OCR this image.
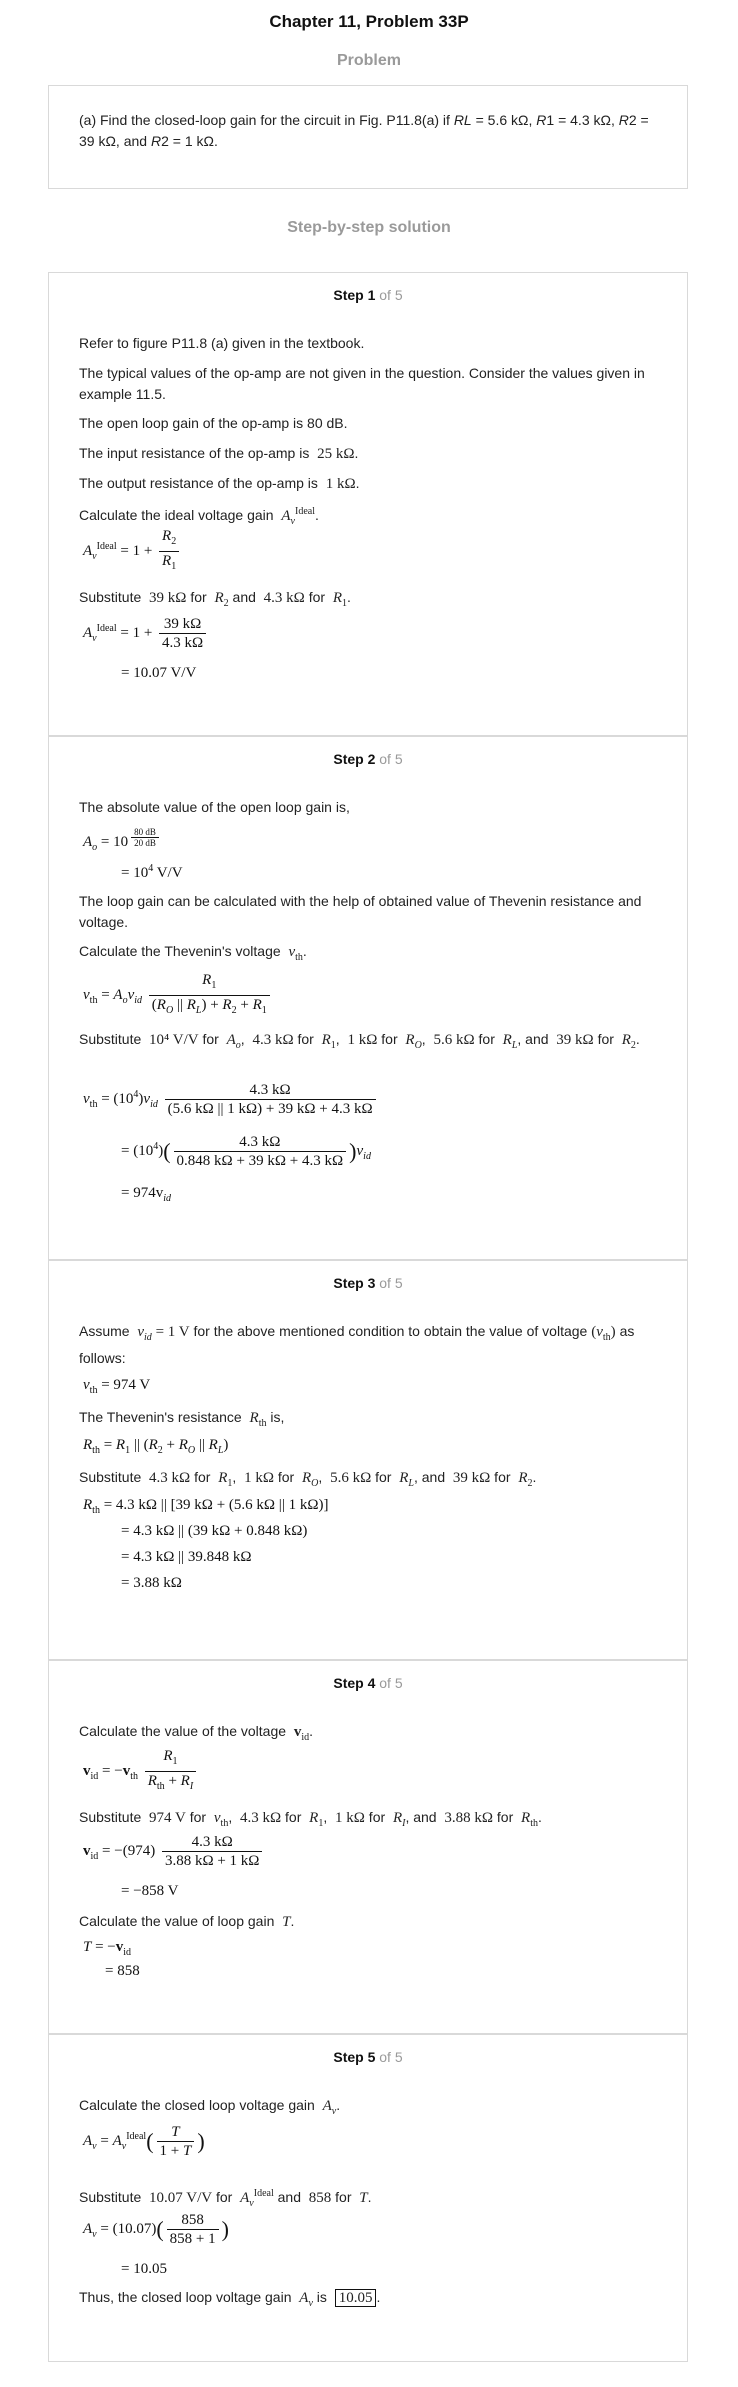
Chapter 11, Problem 33P
Problem
(a) Find the closed-loop gain for the circuit in Fig. P11.8(a) if RL = 5.6 kΩ, R1 = 4.3 kΩ, R2 = 39 kΩ, and R2 = 1 kΩ.
Step-by-step solution
Step 1 of 5
Refer to figure P11.8 (a) given in the textbook.
The typical values of the op-amp are not given in the question. Consider the values given in example 11.5.
The open loop gain of the op-amp is 80 dB.
The input resistance of the op-amp is 25 kΩ.
The output resistance of the op-amp is 1 kΩ.
Calculate the ideal voltage gain $A_v^{Ideal}$.
$A_v^{Ideal} = 1 + \frac{R_2}{R_1}$
Substitute 39 kΩ for  $R_2$ and  4.3 kΩ for  $R_1$.
$A_v^{Ideal} = 1 + \frac{39 k\Omega}{4.3 k\Omega}$
= 10.07 V/V
Step 2 of 5
The absolute value of the open loop gain is,
$A_o = 10$ $^{\frac{80 dB}{20 dB}}$
= $10^4$ V/V
The loop gain can be calculated with the help of obtained value of Thevenin resistance and voltage.
Calculate the Thevenin's voltage $v_{th}$.
$v_{th} = A_ov_{id} \frac{R_1}{(R_O || R_L) + R_2 + R_1}$
Substitute 10⁴ V/V for  $A_o$,  4.3 kΩ for  $R_1$,  1 kΩ for  $R_O$,  5.6 kΩ for  $R_L$, and  39 kΩ for  $R_2$.
$v_{th} = (10^4)v_{id} \frac{4.3 k\Omega}{(5.6 k\Omega || 1 k\Omega) + 39 k\Omega + 4.3 k\Omega}$
= $(10^4)( \frac{4.3 k\Omega}{0.848 k\Omega + 39 k\Omega + 4.3 k\Omega} )v_{id}$
= $974v_{id}$
Step 3 of 5
Assume $v_{id} = 1$ V for the above mentioned condition to obtain the value of voltage $(v_{th})$ as follows:
$v_{th} = 974$ V
The Thevenin's resistance $R_{th}$ is,
$R_{th} = R_1$ || ($R_2 + R_O$ || $R_L$)
Substitute 4.3 kΩ for  $R_1$,  1 kΩ for  $R_O$,  5.6 kΩ for  $R_L$, and  39 kΩ for  $R_2$.
$R_{th} = 4.3$ kΩ || [39 kΩ + (5.6 kΩ || 1 kΩ)]
= 4.3 kΩ || (39 kΩ + 0.848 kΩ)
= 4.3 kΩ || 39.848 kΩ
= 3.88 kΩ
Step 4 of 5
Calculate the value of the voltage $v_{id}$.
$v_{id} = -v_{th} \frac{R_1}{R_{th} + R_I}$
Substitute 974 V for  $v_{th}$,  4.3 kΩ for  $R_1$,  1 kΩ for  $R_I$, and  3.88 kΩ for  $R_{th}$.
$v_{id} = -(974) \frac{4.3 k\Omega}{3.88 k\Omega + 1 k\Omega}$
= −858 V
Calculate the value of loop gain T.
$T = -v_{id}$
= 858
Step 5 of 5
Calculate the closed loop voltage gain $A_v$.
$A_v = A_v^{Ideal}( \frac{T}{1 + T}$ )
Substitute 10.07 V/V for  $A_v^{Ideal}$ and  858 for  T.
$A_v = (10.07)( \frac{858}{858 + 1}$ )
= 10.05
Thus, the closed loop voltage gain $A_v$ is 10.05 .
